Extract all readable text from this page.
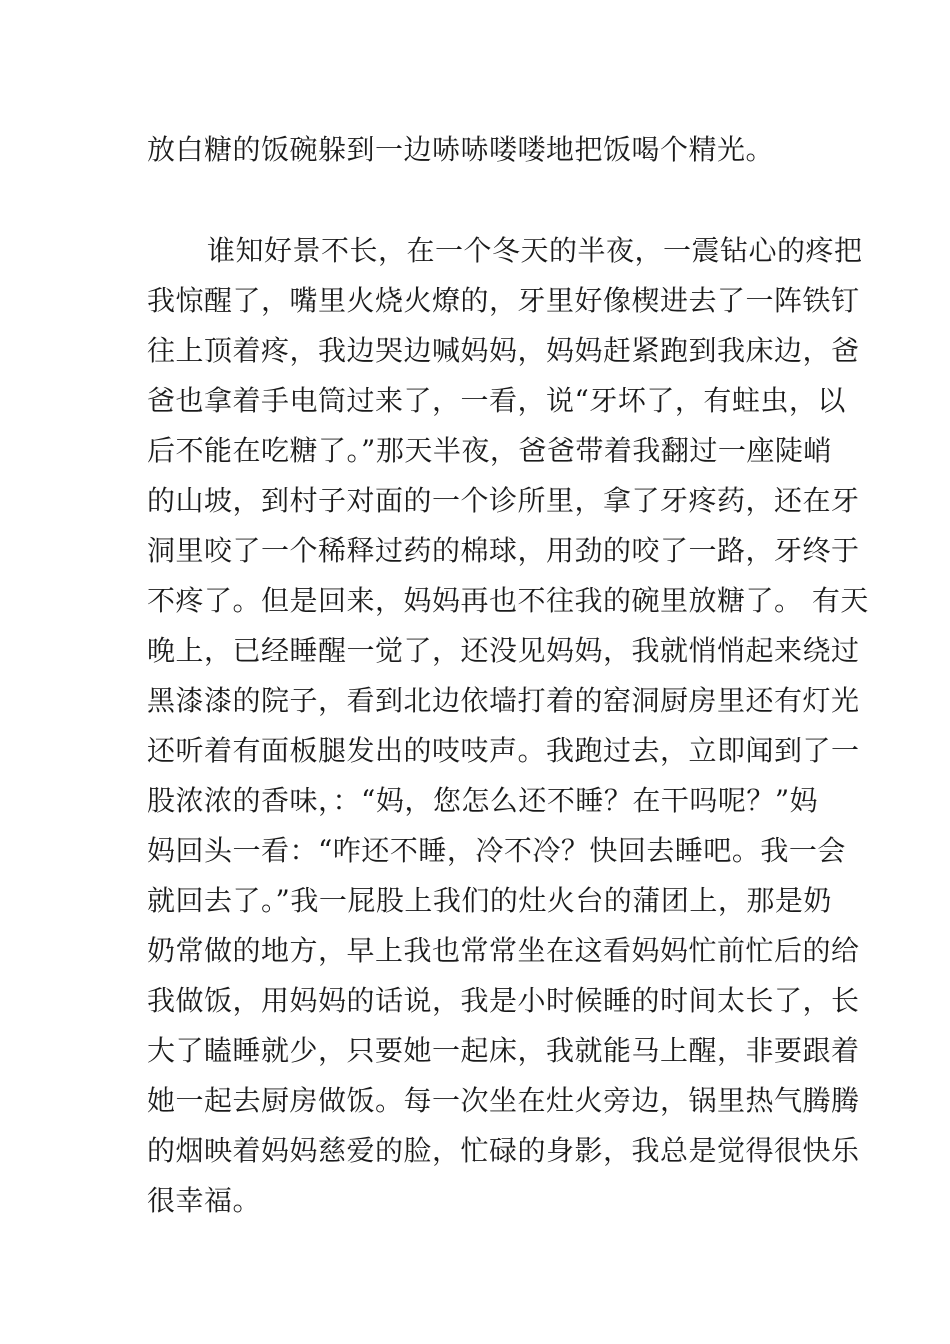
放白糖的饭碗躲到一边哧哧喽喽地把饭喝个精光。
谁知好景不长，在一个冬天的半夜，一震钻心的疼把
我惊醒了，嘴里火烧火燎的，牙里好像楔进去了一阵铁钉
往上顶着疼，我边哭边喊妈妈，妈妈赶紧跑到我床边，爸
爸也拿着手电筒过来了，一看，说“牙坏了，有蛀虫，以
后不能在吃糖了。”那天半夜，爸爸带着我翻过一座陡峭
的山坡，到村子对面的一个诊所里，拿了牙疼药，还在牙
洞里咬了一个稀释过药的棉球，用劲的咬了一路，牙终于
不疼了。但是回来，妈妈再也不往我的碗里放糖了。 有天
晚上，已经睡醒一觉了，还没见妈妈，我就悄悄起来绕过
黑漆漆的院子，看到北边依墙打着的窑洞厨房里还有灯光
还听着有面板腿发出的吱吱声。我跑过去，立即闻到了一
股浓浓的香味，：“妈，您怎么还不睡？在干吗呢？”妈
妈回头一看：“咋还不睡，冷不冷？快回去睡吧。我一会
就回去了。”我一屁股上我们的灶火台的蒲团上，那是奶
奶常做的地方，早上我也常常坐在这看妈妈忙前忙后的给
我做饭，用妈妈的话说，我是小时候睡的时间太长了，长
大了瞌睡就少，只要她一起床，我就能马上醒，非要跟着
她一起去厨房做饭。每一次坐在灶火旁边，锅里热气腾腾
的烟映着妈妈慈爱的脸，忙碌的身影，我总是觉得很快乐
很幸福。
